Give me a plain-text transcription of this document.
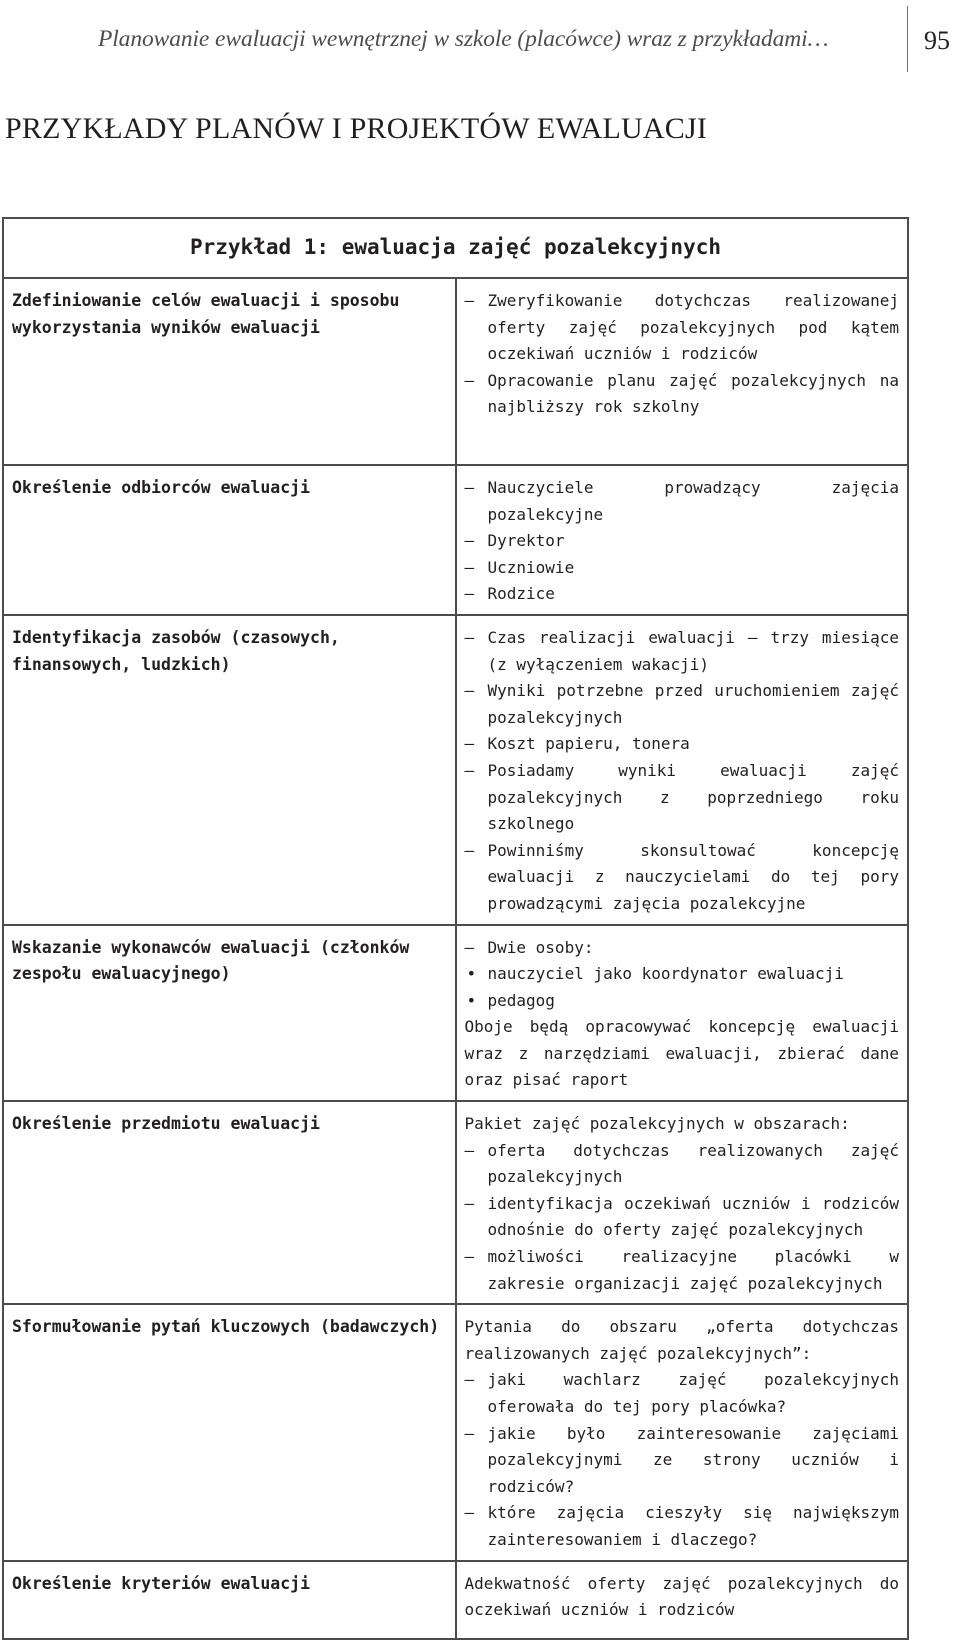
Planowanie ewaluacji wewnętrznej w szkole (placówce) wraz z przykładami…	95
PRZYKŁADY PLANÓW I PROJEKTÓW EWALUACJI
Przykład 1: ewaluacja zajęć pozalekcyjnych	
Zdefiniowanie celów ewaluacji i sposobu wykorzystania wyników ewaluacji	– Zweryfikowanie dotychczas realizowanej oferty zajęć pozalekcyjnych pod kątem oczekiwań uczniów i rodziców
– Opracowanie planu zajęć pozalekcyjnych na najbliższy rok szkolny

Określenie odbiorców ewaluacji	– Nauczyciele prowadzący zajęcia pozalekcyjne
– Dyrektor
– Uczniowie
– Rodzice

Identyfikacja zasobów (czasowych, finansowych, ludzkich)	– Czas realizacji ewaluacji – trzy miesiące (z wyłączeniem wakacji)
– Wyniki potrzebne przed uruchomieniem zajęć pozalekcyjnych
– Koszt papieru, tonera
– Posiadamy wyniki ewaluacji zajęć pozalekcyjnych z poprzedniego roku szkolnego
– Powinniśmy skonsultować koncepcję ewaluacji z nauczycielami do tej pory prowadzącymi zajęcia pozalekcyjne

Wskazanie wykonawców ewaluacji (członków zespołu ewaluacyjnego)	– Dwie osoby:
• nauczyciel jako koordynator ewaluacji
• pedagog
Oboje będą opracowywać koncepcję ewaluacji wraz z narzędziami ewaluacji, zbierać dane oraz pisać raport

Określenie przedmiotu ewaluacji	Pakiet zajęć pozalekcyjnych w obszarach:
– oferta dotychczas realizowanych zajęć pozalekcyjnych
– identyfikacja oczekiwań uczniów i rodziców odnośnie do oferty zajęć pozalekcyjnych
– możliwości realizacyjne placówki w zakresie organizacji zajęć pozalekcyjnych

Sformułowanie pytań kluczowych (badawczych)	Pytania do obszaru „oferta dotychczas realizowanych zajęć pozalekcyjnych”:
– jaki wachlarz zajęć pozalekcyjnych oferowała do tej pory placówka?
– jakie było zainteresowanie zajęciami pozalekcyjnymi ze strony uczniów i rodziców?
– które zajęcia cieszyły się największym zainteresowaniem i dlaczego?

Określenie kryteriów ewaluacji	Adekwatność oferty zajęć pozalekcyjnych do oczekiwań uczniów i rodziców
